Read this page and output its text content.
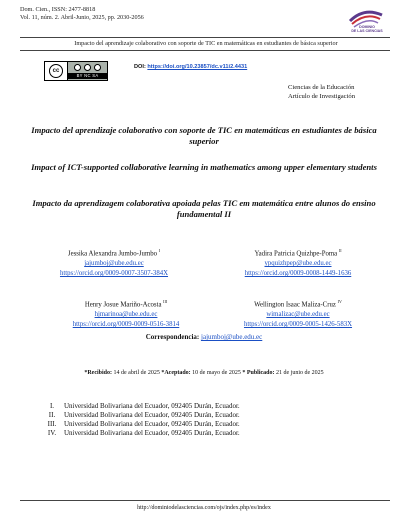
Dom. Cien., ISSN: 2477-8818
Vol. 11, núm. 2. Abril-Junio, 2025, pp. 2030-2056
DOMINIO
DE LAS CIENCIAS
Impacto del aprendizaje colaborativo con soporte de TIC en matemáticas en estudiantes de básica superior
cc
BY NC SA
DOI: https://doi.org/10.23857/dc.v11i2.4431
Ciencias de la Educación
Artículo de Investigación
Impacto del aprendizaje colaborativo con soporte de TIC en matemáticas en estudiantes de básica superior
Impact of ICT-supported collaborative learning in mathematics among upper elementary students
Impacto da aprendizagem colaborativa apoiada pelas TIC em matemática entre alunos do ensino fundamental II
Jessika Alexandra Jumbo-Jumbo $^I$
jajumboj@ube.edu.ec
https://orcid.org/0009-0007-3507-384X
Yadira Patricia Quizhpe-Poma $^{II}$
ypquizhpep@ube.edu.ec
https://orcid.org/0009-0008-1449-1636
Henry Josue Mariño-Acosta $^{III}$
hjmarinoa@ube.edu.ec
https://orcid.org/0009-0009-0516-3814
Wellington Isaac Maliza-Cruz $^{IV}$
wimalizac@ube.edu.ec
https://orcid.org/0009-0005-1426-583X
Correspondencia: jajumboj@ube.edu.ec
*Recibido: 14 de abril de 2025 *Aceptado: 10 de mayo de 2025 * Publicado: 21 de junio de 2025
I. Universidad Bolivariana del Ecuador, 092405 Durán, Ecuador.
II. Universidad Bolivariana del Ecuador, 092405 Durán, Ecuador.
III. Universidad Bolivariana del Ecuador, 092405 Durán, Ecuador.
IV. Universidad Bolivariana del Ecuador, 092405 Durán, Ecuador.
http://dominiodelasciencias.com/ojs/index.php/es/index
